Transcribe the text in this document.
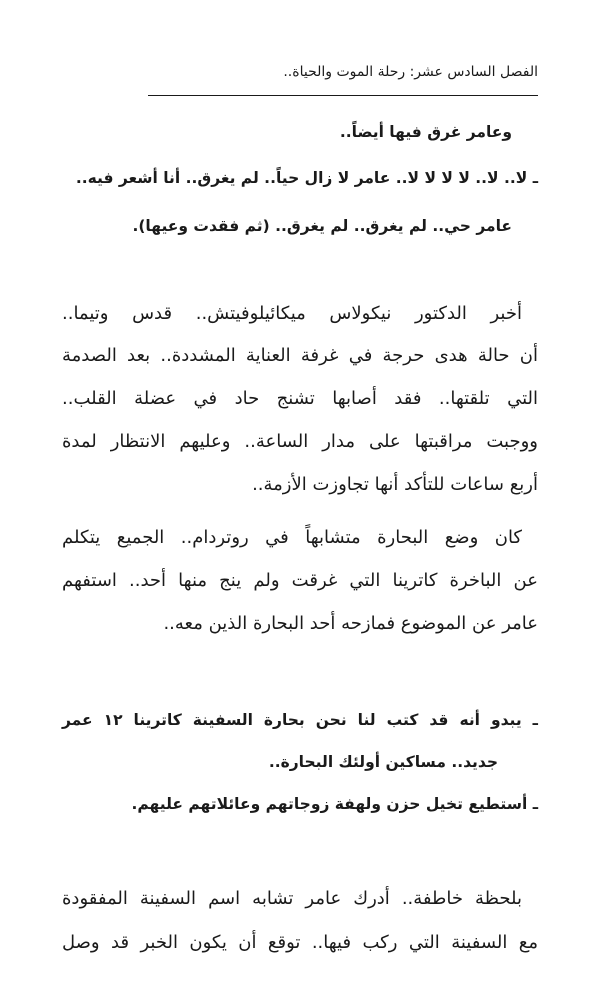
الفصل السادس عشر: رحلة الموت والحياة..
وعامر غرق فيها أيضاً..
ـ لا.. لا.. لا لا لا لا.. عامر لا زال حياً.. لم يغرق.. أنا أشعر فيه..
عامر حي.. لم يغرق.. لم يغرق.. (ثم فقدت وعيها).
أخبر الدكتور نيكولاس ميكائيلوفيتش.. قدس وتيما..
أن حالة هدى حرجة في غرفة العناية المشددة.. بعد الصدمة
التي تلقتها.. فقد أصابها تشنج حاد في عضلة القلب..
ووجبت مراقبتها على مدار الساعة.. وعليهم الانتظار لمدة
أربع ساعات للتأكد أنها تجاوزت الأزمة..
كان وضع البحارة متشابهاً في روتردام.. الجميع يتكلم
عن الباخرة كاترينا التي غرقت ولم ينج منها أحد.. استفهم
عامر عن الموضوع فمازحه أحد البحارة الذين معه..
ـ يبدو أنه قد كتب لنا نحن بحارة السفينة كاترينا ١٢ عمر
جديد.. مساكين أولئك البحارة..
ـ أستطيع تخيل حزن ولهفة زوجاتهم وعائلاتهم عليهم.
بلحظة خاطفة.. أدرك عامر تشابه اسم السفينة المفقودة
مع السفينة التي ركب فيها.. توقع أن يكون الخبر قد وصل
